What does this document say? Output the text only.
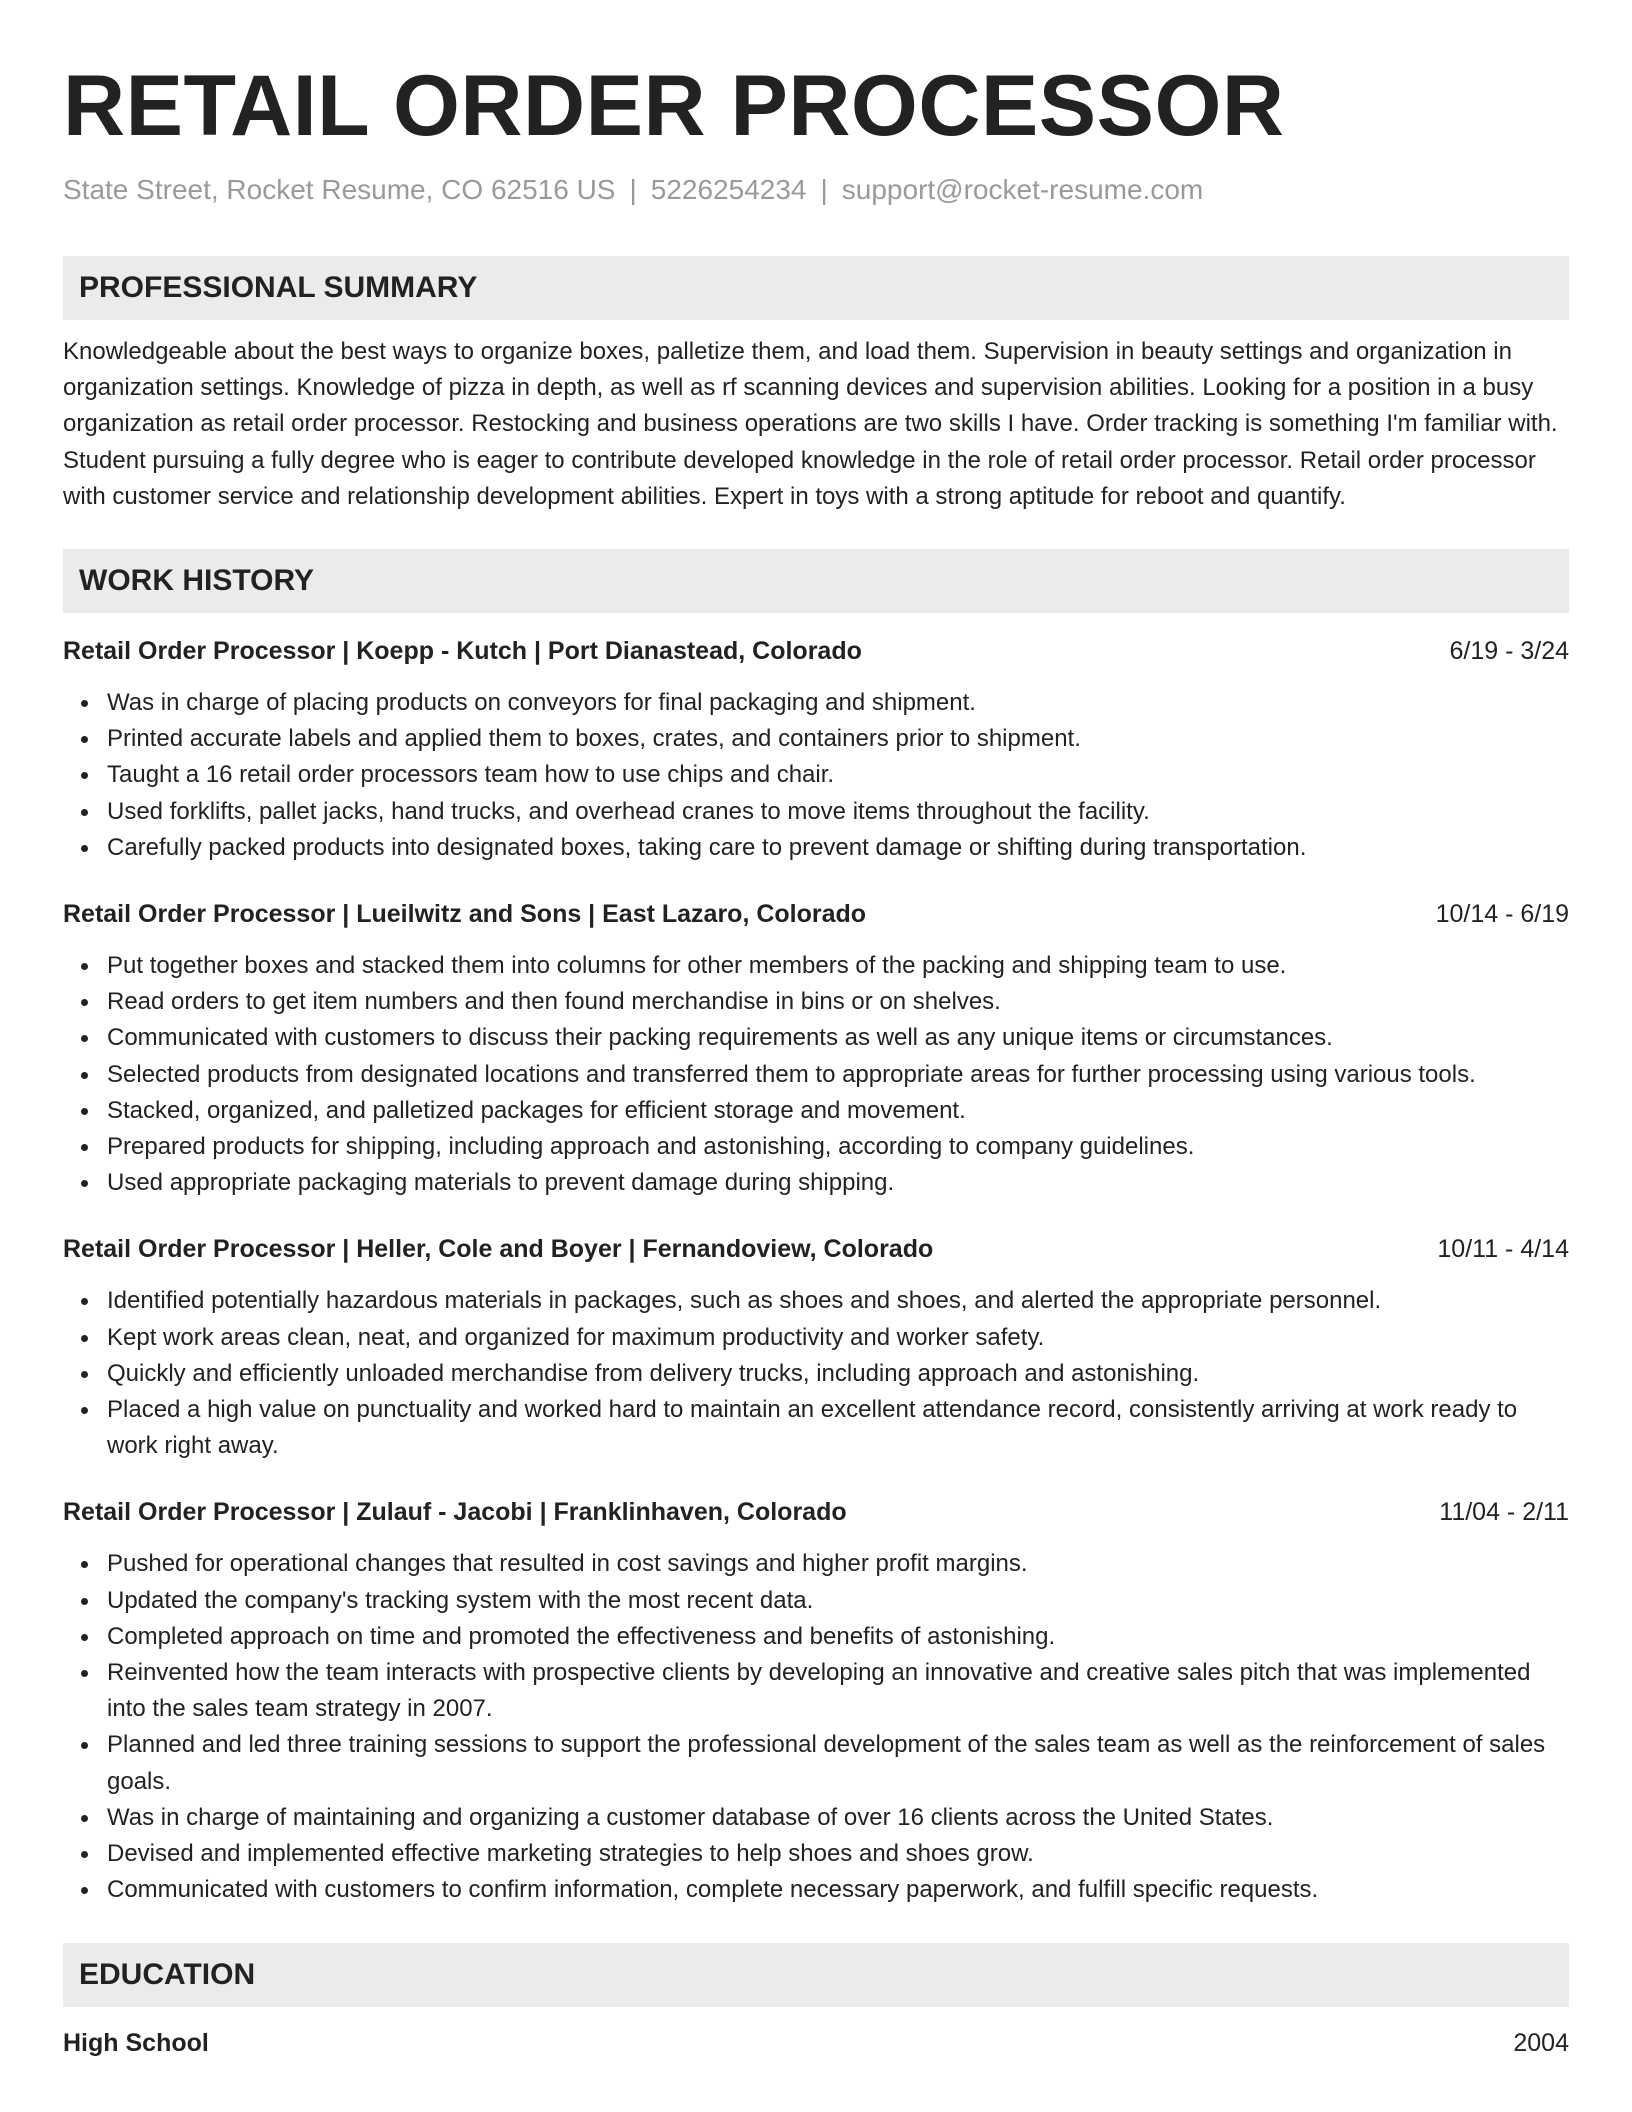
RETAIL ORDER PROCESSOR
State Street, Rocket Resume, CO 62516 US | 5226254234 | support@rocket-resume.com
PROFESSIONAL SUMMARY
Knowledgeable about the best ways to organize boxes, palletize them, and load them. Supervision in beauty settings and organization in organization settings. Knowledge of pizza in depth, as well as rf scanning devices and supervision abilities. Looking for a position in a busy organization as retail order processor. Restocking and business operations are two skills I have. Order tracking is something I'm familiar with. Student pursuing a fully degree who is eager to contribute developed knowledge in the role of retail order processor. Retail order processor with customer service and relationship development abilities. Expert in toys with a strong aptitude for reboot and quantify.
WORK HISTORY
Retail Order Processor | Koepp - Kutch | Port Dianastead, Colorado	6/19 - 3/24
Was in charge of placing products on conveyors for final packaging and shipment.
Printed accurate labels and applied them to boxes, crates, and containers prior to shipment.
Taught a 16 retail order processors team how to use chips and chair.
Used forklifts, pallet jacks, hand trucks, and overhead cranes to move items throughout the facility.
Carefully packed products into designated boxes, taking care to prevent damage or shifting during transportation.
Retail Order Processor | Lueilwitz and Sons | East Lazaro, Colorado	10/14 - 6/19
Put together boxes and stacked them into columns for other members of the packing and shipping team to use.
Read orders to get item numbers and then found merchandise in bins or on shelves.
Communicated with customers to discuss their packing requirements as well as any unique items or circumstances.
Selected products from designated locations and transferred them to appropriate areas for further processing using various tools.
Stacked, organized, and palletized packages for efficient storage and movement.
Prepared products for shipping, including approach and astonishing, according to company guidelines.
Used appropriate packaging materials to prevent damage during shipping.
Retail Order Processor | Heller, Cole and Boyer | Fernandoview, Colorado	10/11 - 4/14
Identified potentially hazardous materials in packages, such as shoes and shoes, and alerted the appropriate personnel.
Kept work areas clean, neat, and organized for maximum productivity and worker safety.
Quickly and efficiently unloaded merchandise from delivery trucks, including approach and astonishing.
Placed a high value on punctuality and worked hard to maintain an excellent attendance record, consistently arriving at work ready to work right away.
Retail Order Processor | Zulauf - Jacobi | Franklinhaven, Colorado	11/04 - 2/11
Pushed for operational changes that resulted in cost savings and higher profit margins.
Updated the company's tracking system with the most recent data.
Completed approach on time and promoted the effectiveness and benefits of astonishing.
Reinvented how the team interacts with prospective clients by developing an innovative and creative sales pitch that was implemented into the sales team strategy in 2007.
Planned and led three training sessions to support the professional development of the sales team as well as the reinforcement of sales goals.
Was in charge of maintaining and organizing a customer database of over 16 clients across the United States.
Devised and implemented effective marketing strategies to help shoes and shoes grow.
Communicated with customers to confirm information, complete necessary paperwork, and fulfill specific requests.
EDUCATION
High School	2004
